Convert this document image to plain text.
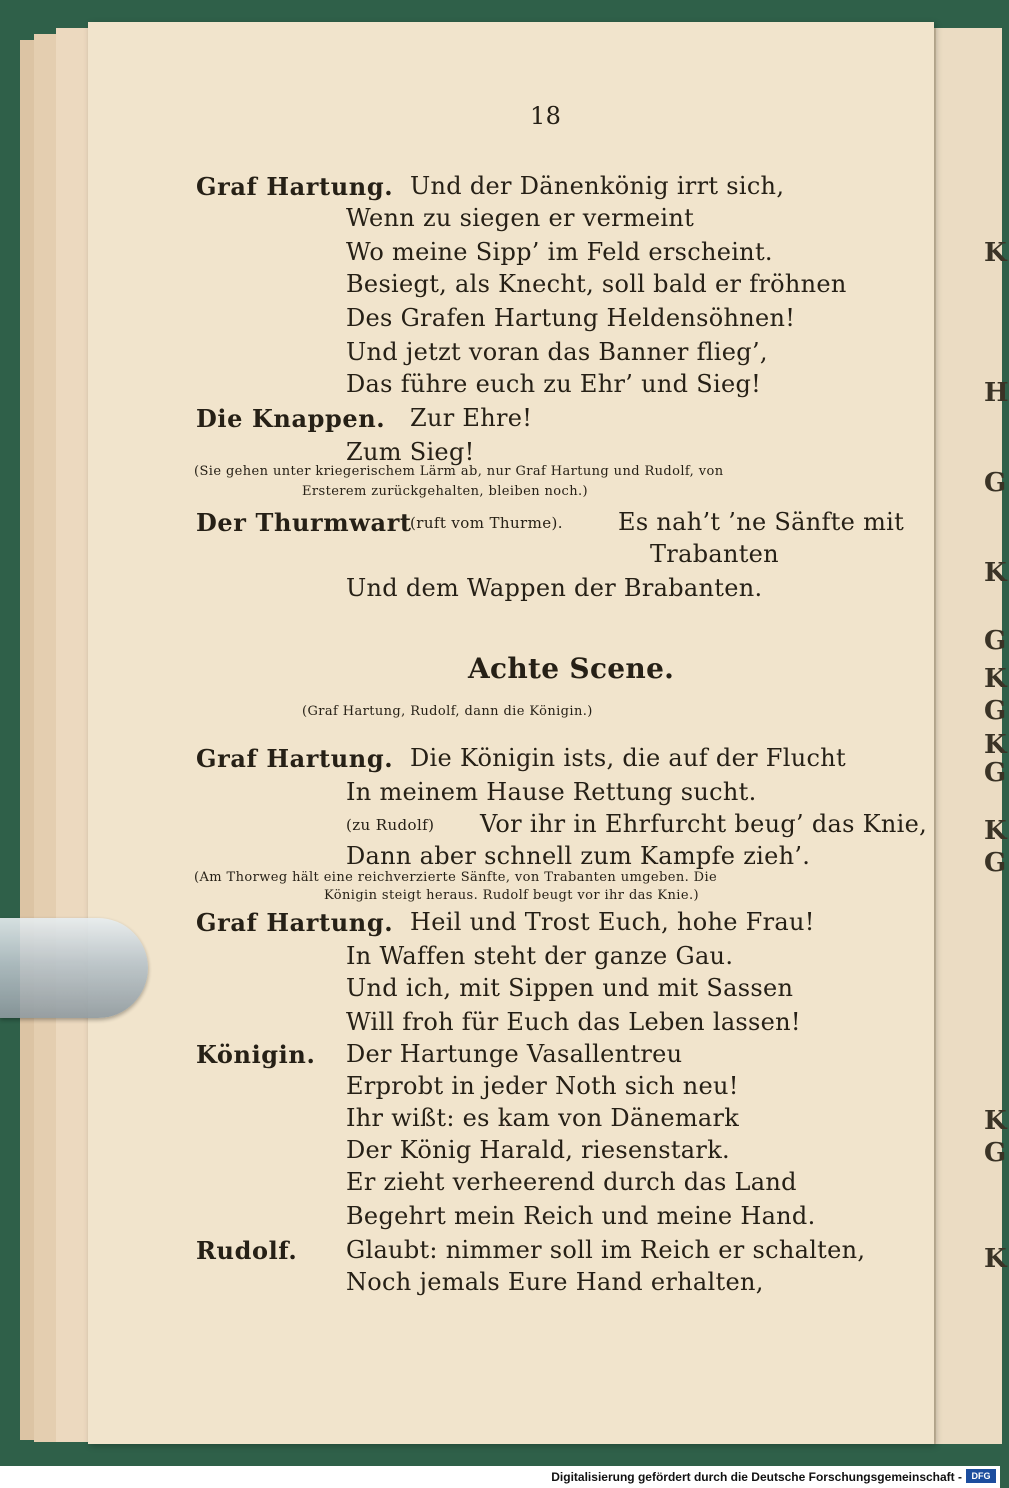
K
H
G
K
G
K
G
K
G
K
G
K
G
K
18
Graf Hartung. Und der Dänenkönig irrt sich,
Wenn zu siegen er vermeint
Wo meine Sipp’ im Feld erscheint.
Besiegt, als Knecht, soll bald er fröhnen
Des Grafen Hartung Heldensöhnen!
Und jetzt voran das Banner flieg’,
Das führe euch zu Ehr’ und Sieg!
Die Knappen. Zur Ehre!
Zum Sieg!
(Sie gehen unter kriegerischem Lärm ab, nur Graf Hartung und Rudolf, von
Ersterem zurückgehalten, bleiben noch.)
Der Thurmwart
(ruft vom Thurme). Es nah’t ’ne Sänfte mit
Trabanten
Und dem Wappen der Brabanten.
Achte Scene.
(Graf Hartung, Rudolf, dann die Königin.)
Graf Hartung. Die Königin ists, die auf der Flucht
In meinem Hause Rettung sucht.
(zu Rudolf) Vor ihr in Ehrfurcht beug’ das Knie,
Dann aber schnell zum Kampfe zieh’.
(Am Thorweg hält eine reichverzierte Sänfte, von Trabanten umgeben. Die
Königin steigt heraus. Rudolf beugt vor ihr das Knie.)
Graf Hartung. Heil und Trost Euch, hohe Frau!
In Waffen steht der ganze Gau.
Und ich, mit Sippen und mit Sassen
Will froh für Euch das Leben lassen!
Königin. Der Hartunge Vasallentreu
Erprobt in jeder Noth sich neu!
Ihr wißt: es kam von Dänemark
Der König Harald, riesenstark.
Er zieht verheerend durch das Land
Begehrt mein Reich und meine Hand.
Rudolf. Glaubt: nimmer soll im Reich er schalten,
Noch jemals Eure Hand erhalten,
Digitalisierung gefördert durch die Deutsche Forschungsgemeinschaft -	DFG
